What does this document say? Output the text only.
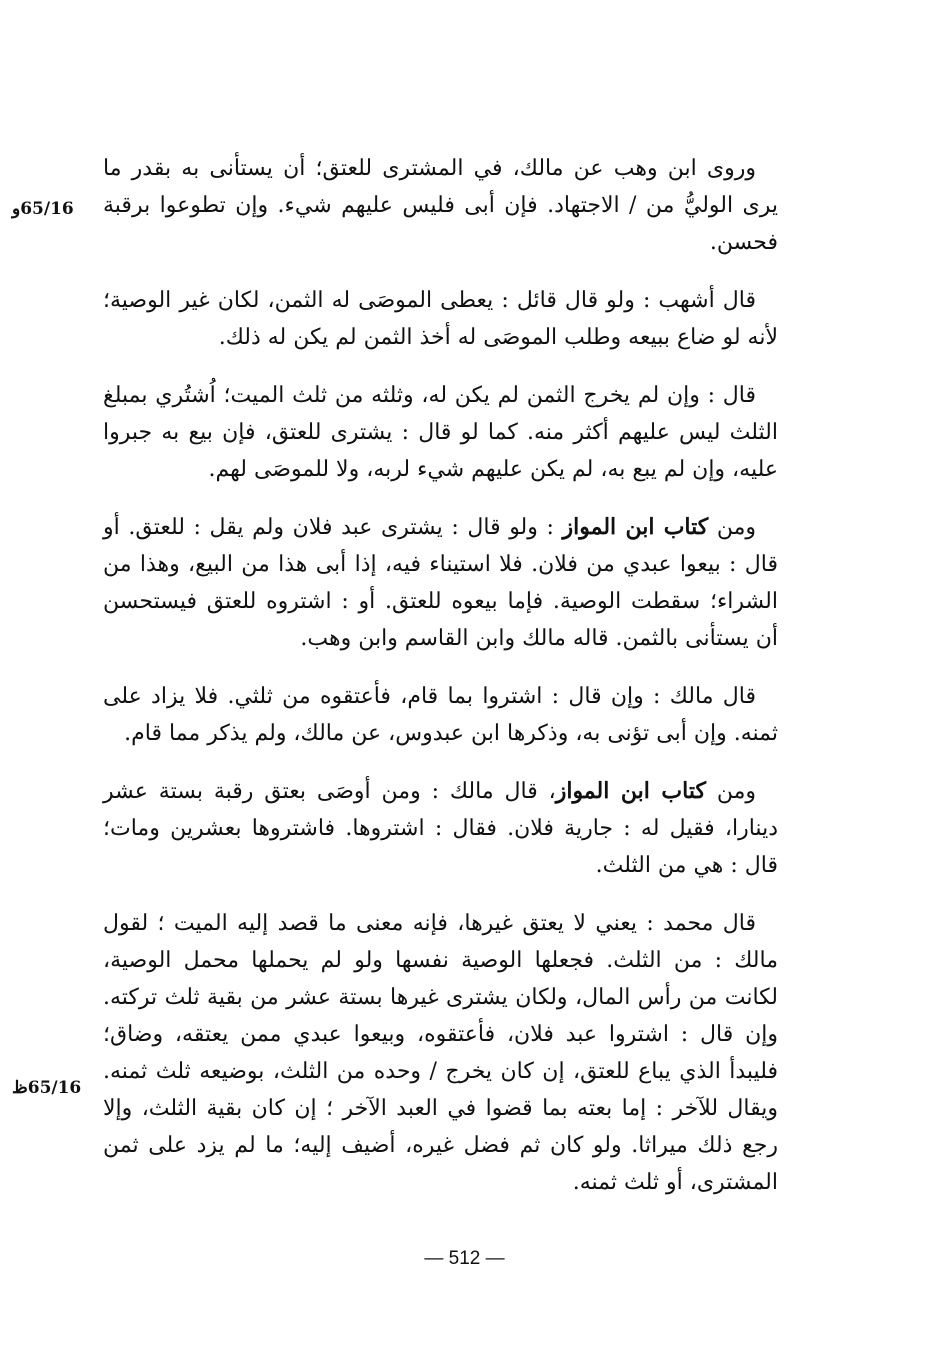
65/16و
65/16ظ

وروى ابن وهب عن مالك، في المشترى للعتق؛ أن يستأنى به بقدر ما يرى الوليُّ من / الاجتهاد. فإن أبى فليس عليهم شيء. وإن تطوعوا برقبة فحسن.

قال أشهب : ولو قال قائل : يعطى الموصَى له الثمن، لكان غير الوصية؛ لأنه لو ضاع ببيعه وطلب الموصَى له أخذ الثمن لم يكن له ذلك.

قال : وإن لم يخرج الثمن لم يكن له، وثلثه من ثلث الميت؛ اُشتُري بمبلغ الثلث ليس عليهم أكثر منه. كما لو قال : يشترى للعتق، فإن بيع به جبروا عليه، وإن لم يبع به، لم يكن عليهم شيء لربه، ولا للموصَى لهم.

ومن كتاب ابن المواز : ولو قال : يشترى عبد فلان ولم يقل : للعتق. أو قال : بيعوا عبدي من فلان. فلا استيناء فيه، إذا أبى هذا من البيع، وهذا من الشراء؛ سقطت الوصية. فإما بيعوه للعتق. أو : اشتروه للعتق فيستحسن أن يستأنى بالثمن. قاله مالك وابن القاسم وابن وهب.

قال مالك : وإن قال : اشتروا بما قام، فأعتقوه من ثلثي. فلا يزاد على ثمنه. وإن أبى تؤنى به، وذكرها ابن عبدوس، عن مالك، ولم يذكر مما قام.

ومن كتاب ابن المواز، قال مالك : ومن أوصَى بعتق رقبة بستة عشر دينارا، فقيل له : جارية فلان. فقال : اشتروها. فاشتروها بعشرين ومات؛ قال : هي من الثلث.

قال محمد : يعني لا يعتق غيرها، فإنه معنى ما قصد إليه الميت ؛ لقول مالك : من الثلث. فجعلها الوصية نفسها ولو لم يحملها محمل الوصية، لكانت من رأس المال، ولكان يشترى غيرها بستة عشر من بقية ثلث تركته. وإن قال : اشتروا عبد فلان، فأعتقوه، وبيعوا عبدي ممن يعتقه، وضاق؛ فليبدأ الذي يباع للعتق، إن كان يخرج / وحده من الثلث، بوضيعه ثلث ثمنه. ويقال للآخر : إما بعته بما قضوا في العبد الآخر ؛ إن كان بقية الثلث، وإلا رجع ذلك ميراثا. ولو كان ثم فضل غيره، أضيف إليه؛ ما لم يزد على ثمن المشترى، أو ثلث ثمنه.

— 512 —
